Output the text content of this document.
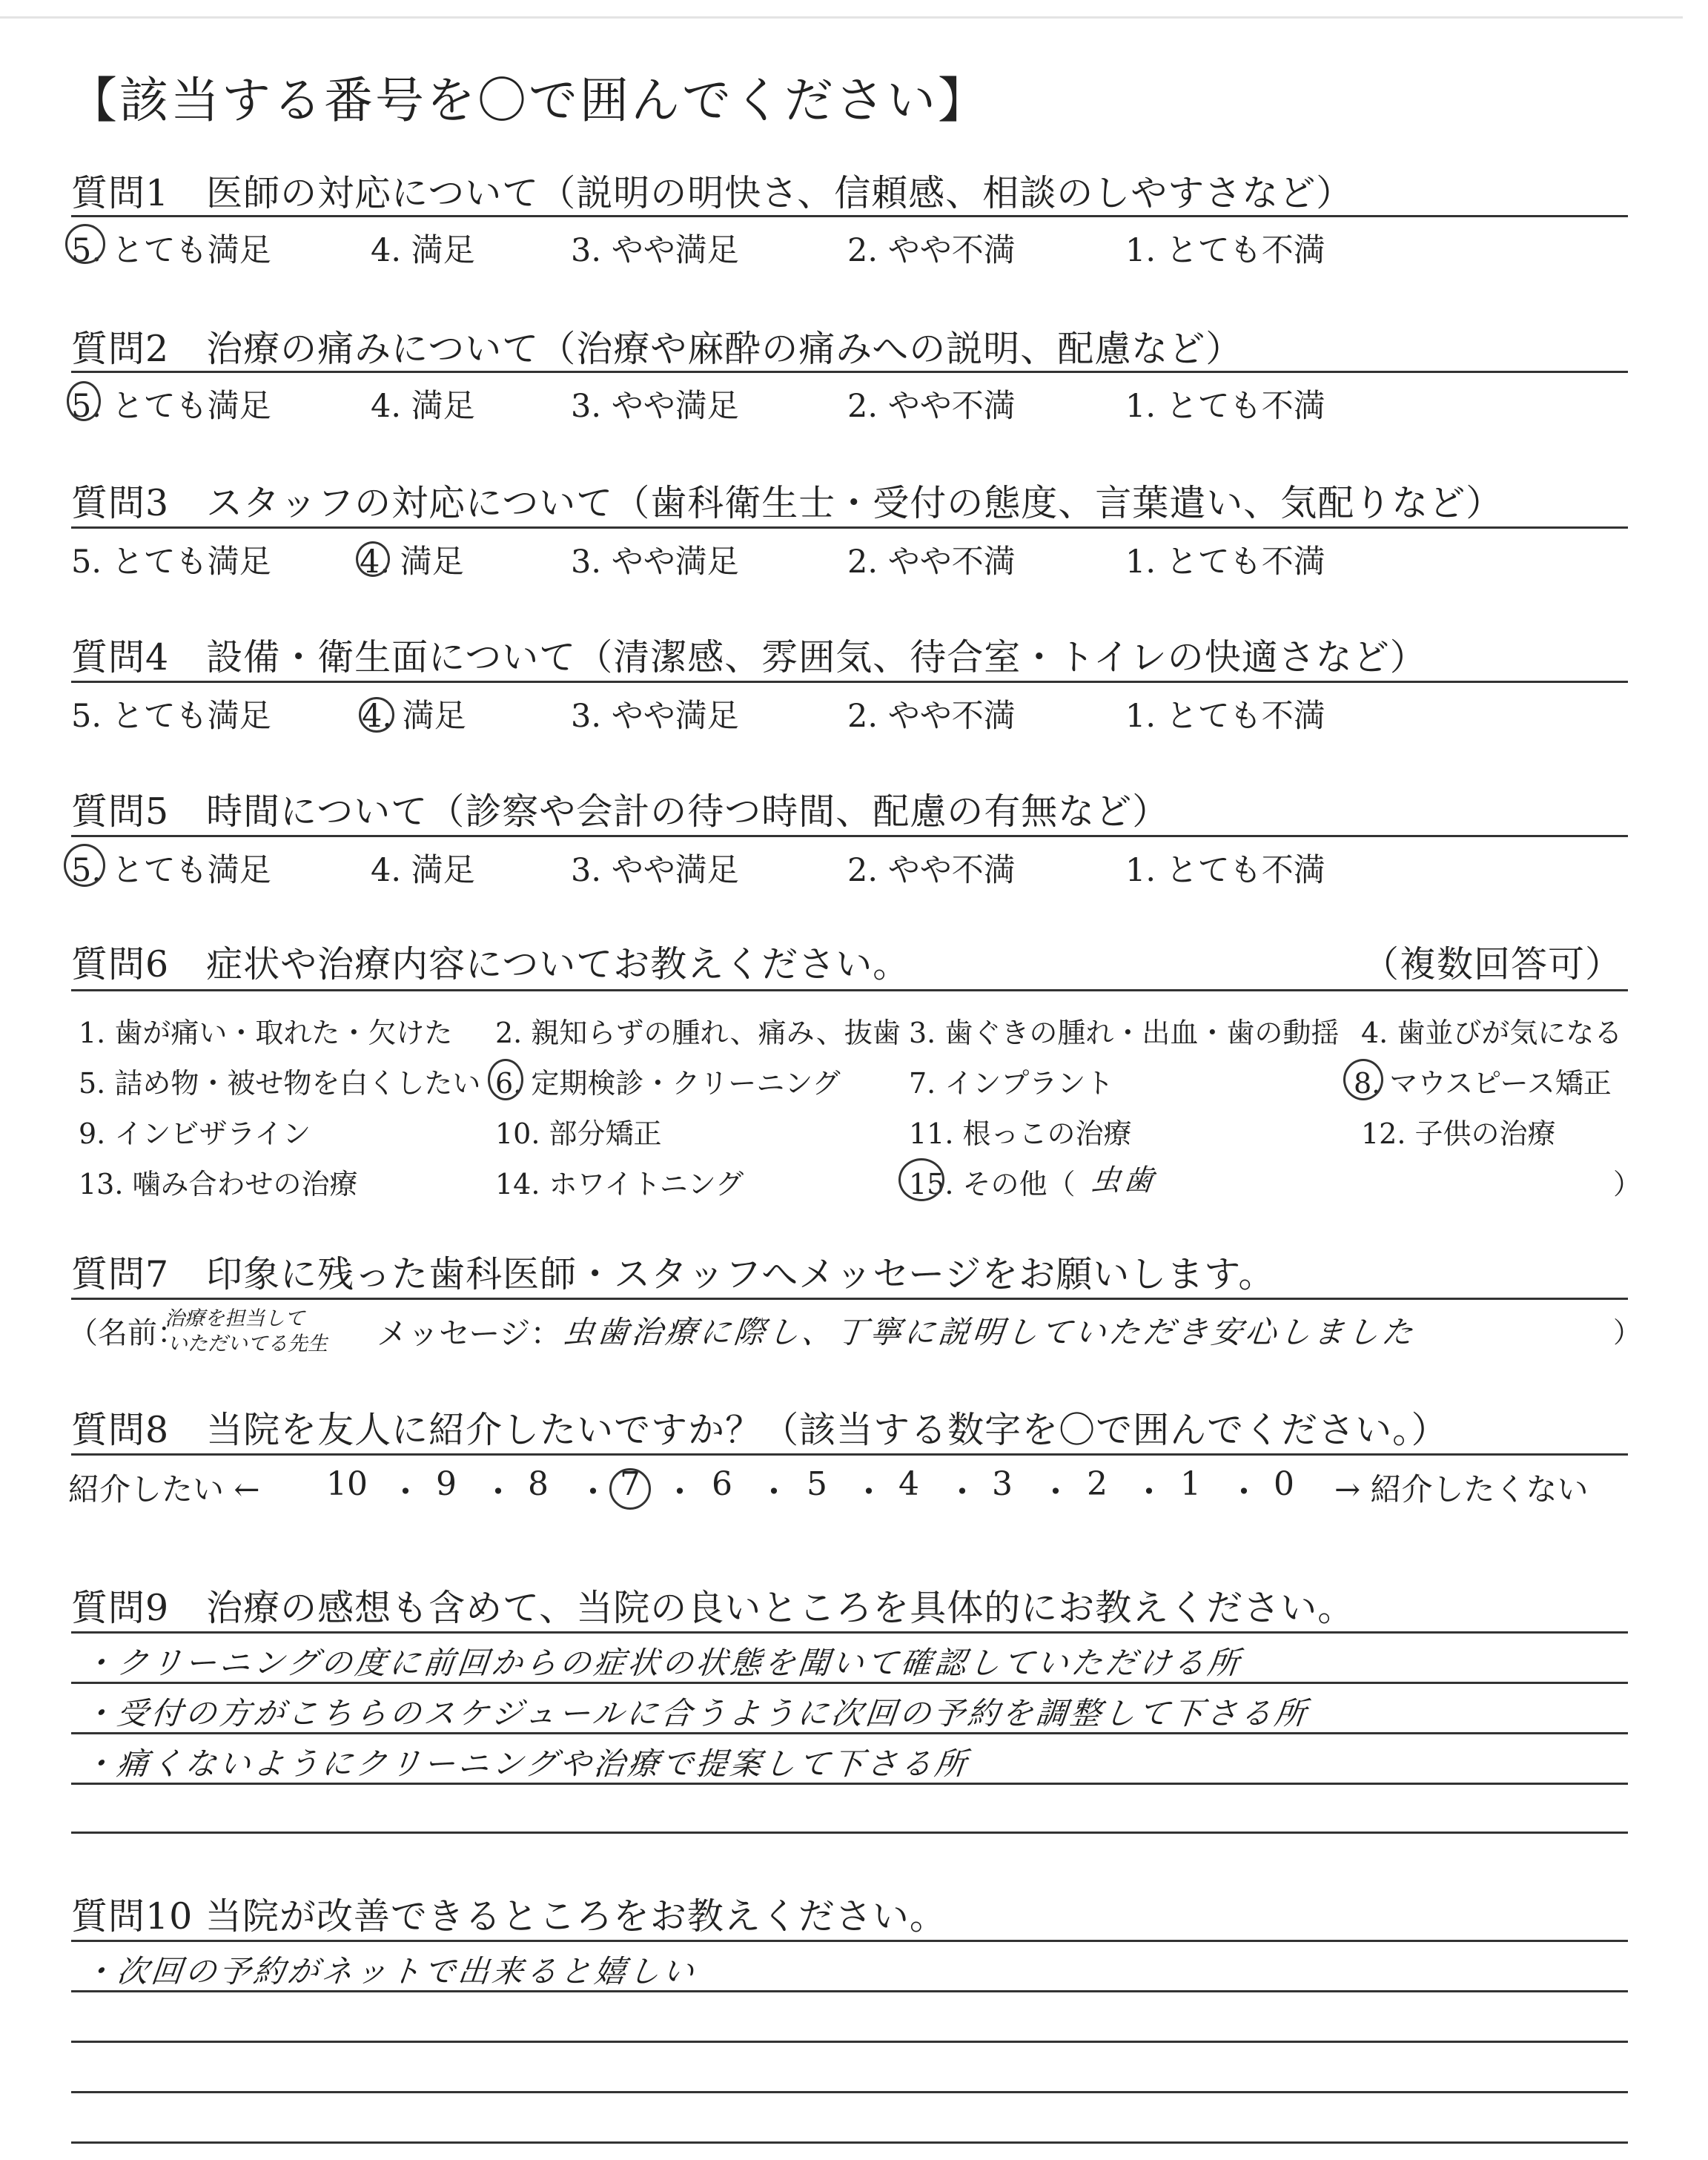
【該当する番号を〇で囲んでください】
質問1　医師の対応について（説明の明快さ、信頼感、相談のしやすさなど）
5. とても満足	4. 満足	3. やや満足	2. やや不満	1. とても不満
質問2　治療の痛みについて（治療や麻酔の痛みへの説明、配慮など）
5. とても満足	4. 満足	3. やや満足	2. やや不満	1. とても不満
質問3　スタッフの対応について（歯科衛生士・受付の態度、言葉遣い、気配りなど）
5. とても満足	4. 満足	3. やや満足	2. やや不満	1. とても不満
質問4　設備・衛生面について（清潔感、雰囲気、待合室・トイレの快適さなど）
5. とても満足	4. 満足	3. やや満足	2. やや不満	1. とても不満
質問5　時間について（診察や会計の待つ時間、配慮の有無など）
5. とても満足	4. 満足	3. やや満足	2. やや不満	1. とても不満
質問6　症状や治療内容についてお教えください。	（複数回答可）
1. 歯が痛い・取れた・欠けた 2. 親知らずの腫れ、痛み、抜歯 3. 歯ぐきの腫れ・出血・歯の動揺 4. 歯並びが気になる
5. 詰め物・被せ物を白くしたい 6. 定期検診・クリーニング 7. インプラント	8. マウスピース矯正
9. インビザライン	10. 部分矯正	11. 根っこの治療	12. 子供の治療
13. 噛み合わせの治療	14. ホワイトニング	15. その他（ 虫歯	）
質問7　印象に残った歯科医師・スタッフへメッセージをお願いします。
（名前：
治療を担当して
いただいてる先生 メッセージ： 虫歯治療に際し、丁寧に説明していただき安心しました	）
質問8　当院を友人に紹介したいですか？（該当する数字を〇で囲んでください。）
紹介したい ← 10 ・ 9 ・ 8 ・ 7 ・ 6 ・ 5 ・ 4 ・ 3 ・ 2 ・ 1 ・ 0 → 紹介したくない
質問9　治療の感想も含めて、当院の良いところを具体的にお教えください。
・クリーニングの度に前回からの症状の状態を聞いて確認していただける所
・受付の方がこちらのスケジュールに合うように次回の予約を調整して下さる所
・痛くないようにクリーニングや治療で提案して下さる所
質問10 当院が改善できるところをお教えください。
・次回の予約がネットで出来ると嬉しい
